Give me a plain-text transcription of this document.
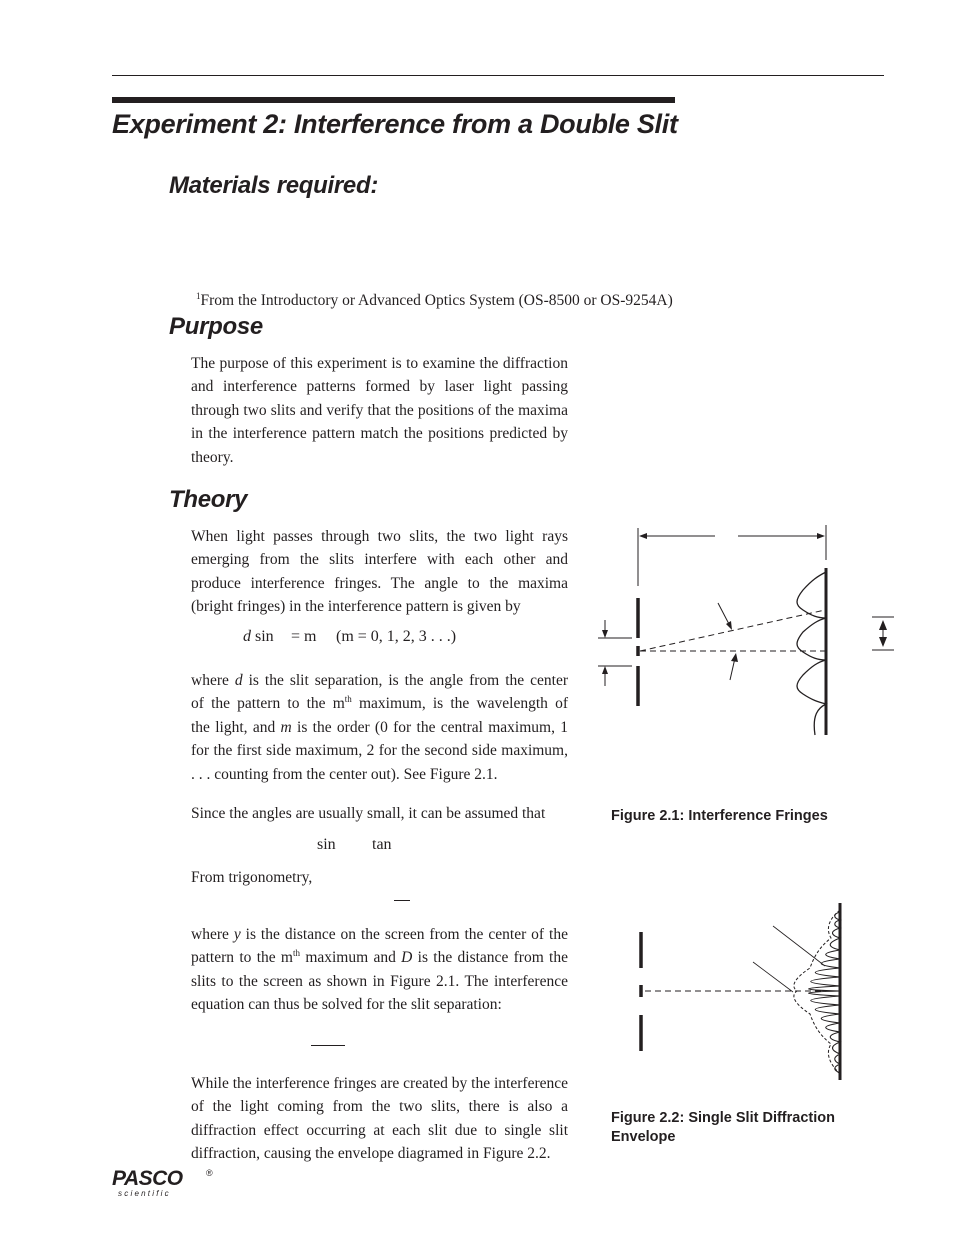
Experiment 2: Interference from a Double Slit
Materials required:
$^1$From the Introductory or Advanced Optics System (OS-8500 or OS-9254A)
Purpose
The purpose of this experiment is to examine the diffraction
and interference patterns formed by laser light passing
through two slits and verify that the positions of the maxima
in the interference pattern match the positions predicted by
theory.
Theory
When light passes through two slits, the two light rays
emerging from the slits interfere with each other and
produce interference fringes. The angle to the maxima
(bright fringes) in the interference pattern is given by
d sin = m (m = 0, 1, 2, 3 . . .)
where d is the slit separation, is the angle from the center
of the pattern to the $m^{th}$ maximum, is the wavelength of
the light, and m is the order (0 for the central maximum, 1
for the first side maximum, 2 for the second side maximum,
. . . counting from the center out). See Figure 2.1.
Since the angles are usually small, it can be assumed that
sin tan
From trigonometry,
where y is the distance on the screen from the center of the
pattern to the $m^{th}$ maximum and D is the distance from the
slits to the screen as shown in Figure 2.1. The interference
equation can thus be solved for the slit separation:
While the interference fringes are created by the interference
of the light coming from the two slits, there is also a
diffraction effect occurring at each slit due to single slit
diffraction, causing the envelope diagramed in Figure 2.2.
Figure 2.1: Interference Fringes
Figure 2.2: Single Slit Diffraction
Envelope
PASCO	®
s c i e n t i f i c
